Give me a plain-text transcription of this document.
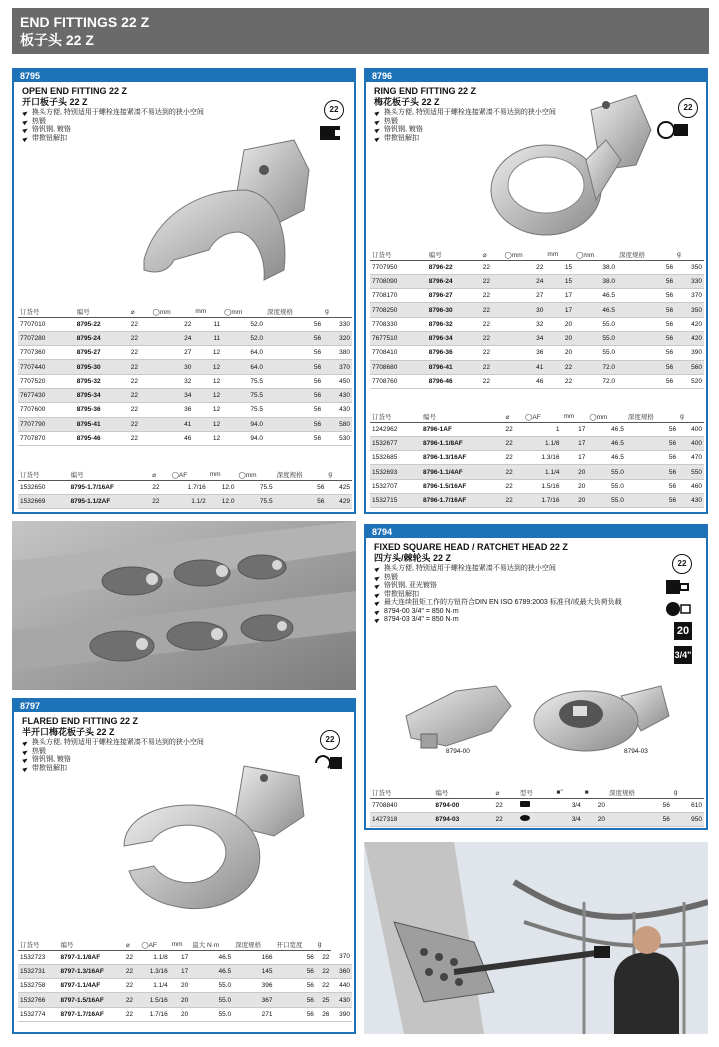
END FITTINGS 22 Z
板子头 22 Z
8795
OPEN END FITTING 22 Z
开口板子头 22 Z
换头方便, 特别适用于螺栓连接紧凑不易达到的狭小空间
热锻
铬钒钢, 镀铬
带揿钮解扣
22
订货号	编号	⌀	◯mm	mm	◯mm	深度规格	g
7707010	8795-22	22	22	11	52.0	56	330
7707280	8795-24	22	24	11	52.0	56	320
7707360	8795-27	22	27	12	64.0	56	380
7707440	8795-30	22	30	12	64.0	56	370
7707520	8795-32	22	32	12	75.5	56	450
7677430	8795-34	22	34	12	75.5	56	430
7707600	8795-36	22	36	12	75.5	56	430
7707790	8795-41	22	41	12	94.0	56	580
7707870	8795-46	22	46	12	94.0	56	530
订货号	编号	⌀	◯AF	mm	◯mm	深度规格	g
1532650	8795-1.7/16AF	22	1.7/16	12.0	75.5	56	425
1532669	8795-1.1/2AF	22	1.1/2	12.0	75.5	56	429
8796
RING END FITTING 22 Z
梅花板子头 22 Z
换头方便, 特别适用于螺栓连接紧凑不易达到的狭小空间
热锻
铬钒钢, 镀铬
带揿钮解扣
22
订货号	编号	⌀	◯mm	mm	◯mm	深度规格	g
7707950	8796-22	22	22	15	38.0	56	350
7708090	8796-24	22	24	15	38.0	56	330
7708170	8796-27	22	27	17	46.5	56	370
7708250	8796-30	22	30	17	46.5	56	350
7708330	8796-32	22	32	20	55.0	56	420
7677510	8796-34	22	34	20	55.0	56	420
7708410	8796-36	22	36	20	55.0	56	390
7708680	8796-41	22	41	22	72.0	56	560
7708760	8796-46	22	46	22	72.0	56	520
订货号	编号	⌀	◯AF	mm	◯mm	深度规格	g
1242962	8796-1AF	22	1	17	46.5	56	400
1532677	8796-1.1/8AF	22	1.1/8	17	46.5	56	400
1532685	8796-1.3/16AF	22	1.3/16	17	46.5	56	470
1532693	8796-1.1/4AF	22	1.1/4	20	55.0	56	550
1532707	8796-1.5/16AF	22	1.5/16	20	55.0	56	460
1532715	8796-1.7/16AF	22	1.7/16	20	55.0	56	430
8797
FLARED END FITTING 22 Z
半开口梅花板子头 22 Z
换头方便, 特别适用于螺栓连接紧凑不易达到的狭小空间
热锻
铬钒钢, 镀铬
带揿钮解扣
22
订货号	编号	⌀	◯AF	mm	最大 N·m	深度规格	开口宽度	g	
1532723	8797-1.1/8AF	22	1.1/8	17	46.5	166	56	22	370
1532731	8797-1.3/16AF	22	1.3/16	17	46.5	145	56	22	360
1532758	8797-1.1/4AF	22	1.1/4	20	55.0	396	56	22	440
1532766	8797-1.5/16AF	22	1.5/16	20	55.0	367	56	25	430
1532774	8797-1.7/16AF	22	1.7/16	20	55.0	271	56	26	390
8794
FIXED SQUARE HEAD / RATCHET HEAD 22 Z
四方头/棘轮头 22 Z
换头方便, 特别适用于螺栓连接紧凑不易达到的狭小空间
热锻
铬钒钢, 亚光镀铬
带揿钮解扣
最大连续扭矩工作的方钮符合DIN EN ISO 6789:2003 标准刊/或最大负荷负载
8794-00 3/4" = 850 N·m
8794-03 3/4" = 850 N·m
22
20
3/4"
8794-00	8794-03
订货号	编号	⌀	型号	■"	■	深度规格	g
7708840	8794-00	22		3/4	20	56	610
1427318	8794-03	22		3/4	20	56	950
